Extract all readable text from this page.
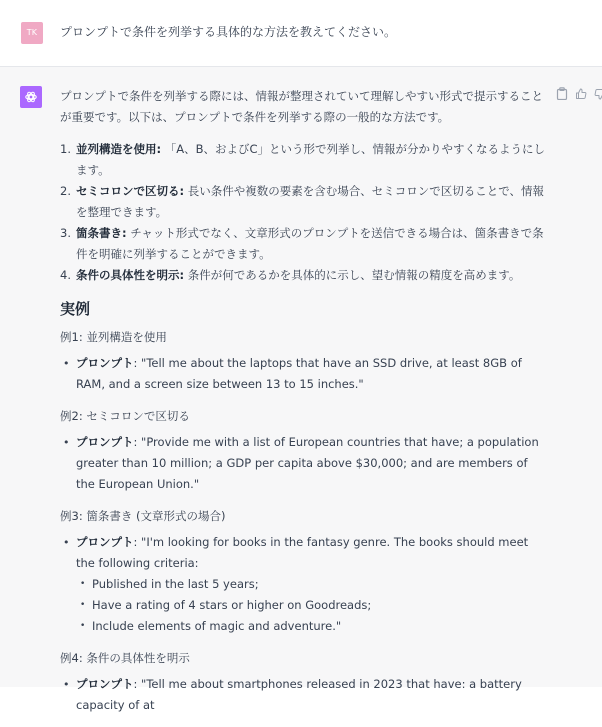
TK	プロンプトで条件を列挙する具体的な方法を教えてください。

プロンプトで条件を列挙する際には、情報が整理されていて理解しやすい形式で提示することが重要です。以下は、プロンプトで条件を列挙する際の一般的な方法です。

1. 並列構造を使用: 「A、B、およびC」という形で列挙し、情報が分かりやすくなるようにします。
2. セミコロンで区切る: 長い条件や複数の要素を含む場合、セミコロンで区切ることで、情報を整理できます。
3. 箇条書き: チャット形式でなく、文章形式のプロンプトを送信できる場合は、箇条書きで条件を明確に列挙することができます。
4. 条件の具体性を明示: 条件が何であるかを具体的に示し、望む情報の精度を高めます。
実例

例1: 並列構造を使用

• プロンプト: "Tell me about the laptops that have an SSD drive, at least 8GB of RAM, and a screen size between 13 to 15 inches."

例2: セミコロンで区切る

• プロンプト: "Provide me with a list of European countries that have; a population greater than 10 million; a GDP per capita above $30,000; and are members of the European Union."

例3: 箇条書き (文章形式の場合)

• プロンプト: "I'm looking for books in the fantasy genre. The books should meet the following criteria:
• Published in the last 5 years;
• Have a rating of 4 stars or higher on Goodreads;
• Include elements of magic and adventure."

例4: 条件の具体性を明示

• プロンプト: "Tell me about smartphones released in 2023 that have: a battery capacity of at
